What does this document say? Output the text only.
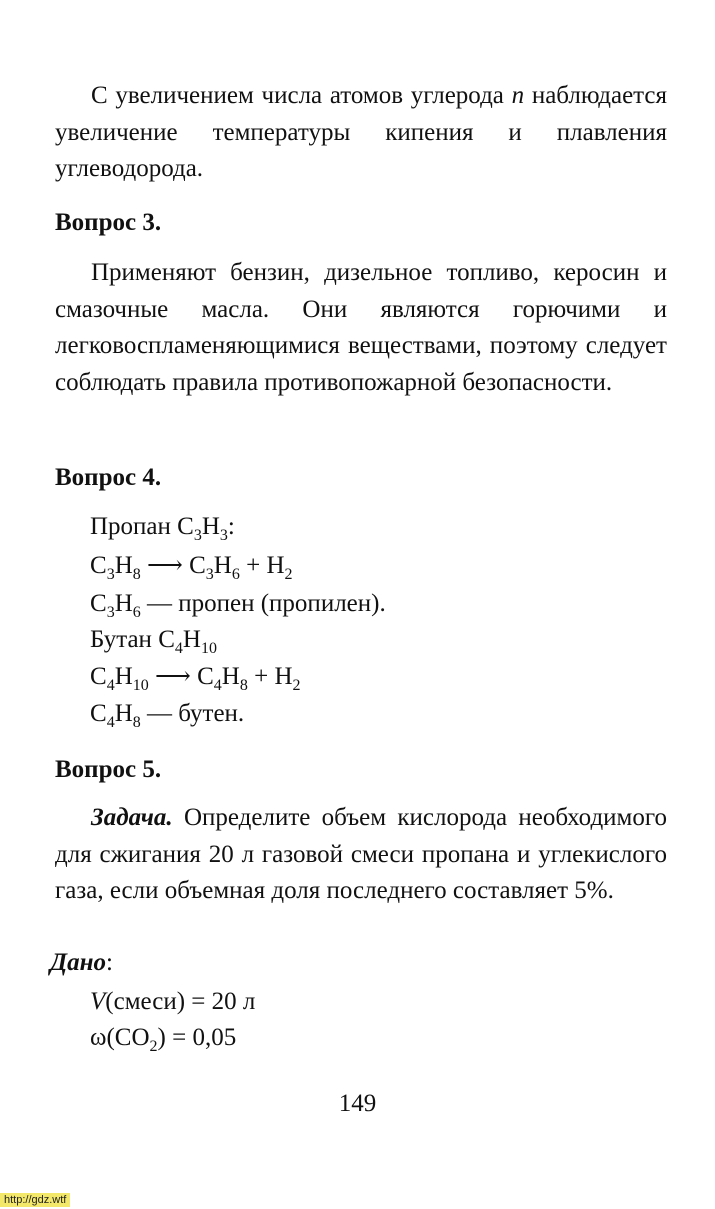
С увеличением числа атомов углерода n наблюдается увеличение температуры кипения и плавления углеводорода.

Вопрос 3.

Применяют бензин, дизельное топливо, керосин и смазочные масла. Они являются горючими и легковоспламеняющимися веществами, поэтому следует соблюдать правила противопожарной безопасности.

Вопрос 4.
Пропан $C_3H_3$:
$C_3H_8$ ⟶ $C_3H_6 + H_2$
$C_3H_6$ — пропен (пропилен).
Бутан $C_4H_{10}$
$C_4H_{10}$ ⟶ $C_4H_8 + H_2$
$C_4H_8$ — бутен.
Вопрос 5.

Задача. Определите объем кислорода необходимого для сжигания 20 л газовой смеси пропана и углекислого газа, если объемная доля последнего составляет 5%.

Дано:
V(смеси) = 20 л
$\omega(CO_2) = 0,05$
149
http://gdz.wtf
